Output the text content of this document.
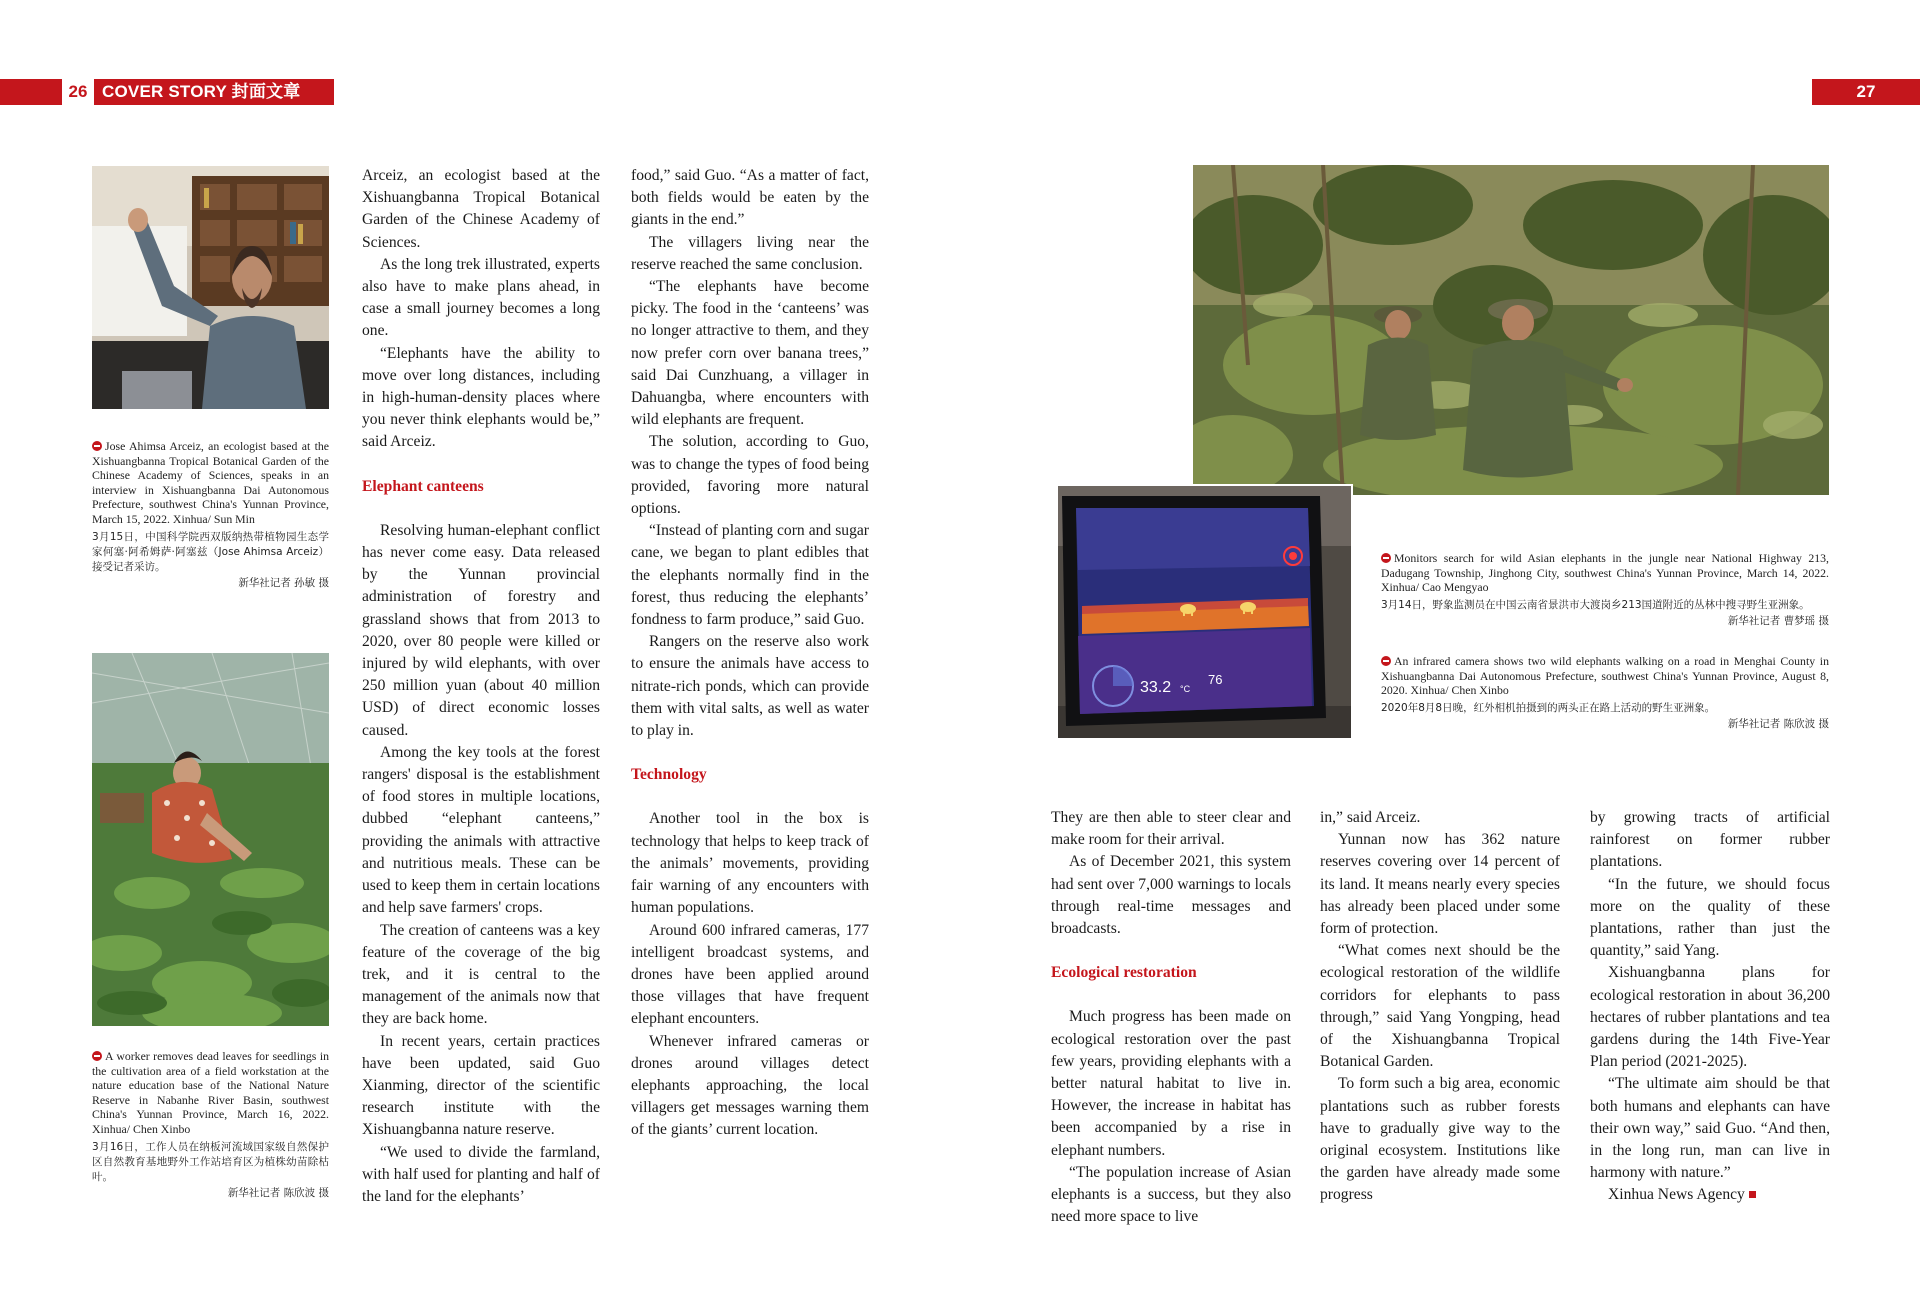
26 COVER STORY 封面文章	27
Jose Ahimsa Arceiz, an ecologist based at the Xishuangbanna Tropical Botanical Garden of the Chinese Academy of Sciences, speaks in an interview in Xishuangbanna Dai Autonomous Prefecture, southwest China's Yunnan Province, March 15, 2022. Xinhua/ Sun Min
3月15日，中国科学院西双版纳热带植物园生态学家何塞·阿希姆萨·阿塞兹（Jose Ahimsa Arceiz）接受记者采访。
新华社记者 孙敏 摄
A worker removes dead leaves for seedlings in the cultivation area of a field workstation at the nature education base of the National Nature Reserve in Nabanhe River Basin, southwest China's Yunnan Province, March 16, 2022. Xinhua/ Chen Xinbo
3月16日，工作人员在纳板河流域国家级自然保护区自然教育基地野外工作站培育区为植株幼苗除枯叶。
新华社记者 陈欣波 摄

Arceiz, an ecologist based at the Xishuangbanna Tropical Botanical Garden of the Chinese Academy of Sciences.

As the long trek illustrated, experts also have to make plans ahead, in case a small journey becomes a long one.

“Elephants have the ability to move over long distances, including in high-human-density places where you never think elephants would be,” said Arceiz.

Elephant canteens

Resolving human-elephant conflict has never come easy. Data released by the Yunnan provincial administration of forestry and grassland shows that from 2013 to 2020, over 80 people were killed or injured by wild elephants, with over 250 million yuan (about 40 million USD) of direct economic losses caused.

Among the key tools at the forest rangers' disposal is the establishment of food stores in multiple locations, dubbed “elephant canteens,” providing the animals with attractive and nutritious meals. These can be used to keep them in certain locations and help save farmers' crops.

The creation of canteens was a key feature of the coverage of the big trek, and it is central to the management of the animals now that they are back home.

In recent years, certain practices have been updated, said Guo Xianming, director of the scientific research institute with the Xishuangbanna nature reserve.

“We used to divide the farmland, with half used for planting and half of the land for the elephants’

food,” said Guo. “As a matter of fact, both fields would be eaten by the giants in the end.”

The villagers living near the reserve reached the same conclusion.

“The elephants have become picky. The food in the ‘canteens’ was no longer attractive to them, and they now prefer corn over banana trees,” said Dai Cunzhuang, a villager in Dahuangba, where encounters with wild elephants are frequent.

The solution, according to Guo, was to change the types of food being provided, favoring more natural options.

“Instead of planting corn and sugar cane, we began to plant edibles that the elephants normally find in the forest, thus reducing the elephants’ fondness to farm produce,” said Guo.

Rangers on the reserve also work to ensure the animals have access to nitrate-rich ponds, which can provide them with vital salts, as well as water to play in.

Technology

Another tool in the box is technology that helps to keep track of the animals’ movements, providing fair warning of any encounters with human populations.

Around 600 infrared cameras, 177 intelligent broadcast systems, and drones have been applied around those villages that have frequent elephant encounters.

Whenever infrared cameras or drones around villages detect elephants approaching, the local villagers get messages warning them of the giants’ current location.

33.2 °C
76
Monitors search for wild Asian elephants in the jungle near National Highway 213, Dadugang Township, Jinghong City, southwest China's Yunnan Province, March 14, 2022. Xinhua/ Cao Mengyao
3月14日，野象监测员在中国云南省景洪市大渡岗乡213国道附近的丛林中搜寻野生亚洲象。
新华社记者 曹梦瑶 摄
An infrared camera shows two wild elephants walking on a road in Menghai County in Xishuangbanna Dai Autonomous Prefecture, southwest China's Yunnan Province, August 8, 2020. Xinhua/ Chen Xinbo
2020年8月8日晚，红外相机拍摄到的两头正在路上活动的野生亚洲象。
新华社记者 陈欣波 摄

They are then able to steer clear and make room for their arrival.

As of December 2021, this system had sent over 7,000 warnings to locals through real-time messages and broadcasts.

Ecological restoration

Much progress has been made on ecological restoration over the past few years, providing elephants with a better natural habitat to live in. However, the increase in habitat has been accompanied by a rise in elephant numbers.

“The population increase of Asian elephants is a success, but they also need more space to live

in,” said Arceiz.

Yunnan now has 362 nature reserves covering over 14 percent of its land. It means nearly every species has already been placed under some form of protection.

“What comes next should be the ecological restoration of the wildlife corridors for elephants to pass through,” said Yang Yongping, head of the Xishuangbanna Tropical Botanical Garden.

To form such a big area, economic plantations such as rubber forests have to gradually give way to the original ecosystem. Institutions like the garden have already made some progress

by growing tracts of artificial rainforest on former rubber plantations.

“In the future, we should focus more on the quality of these plantations, rather than just the quantity,” said Yang.

Xishuangbanna plans for ecological restoration in about 36,200 hectares of rubber plantations and tea gardens during the 14th Five-Year Plan period (2021-2025).

“The ultimate aim should be that both humans and elephants can have their own way,” said Guo. “And then, in the long run, man can live in harmony with nature.”

Xinhua News Agency
